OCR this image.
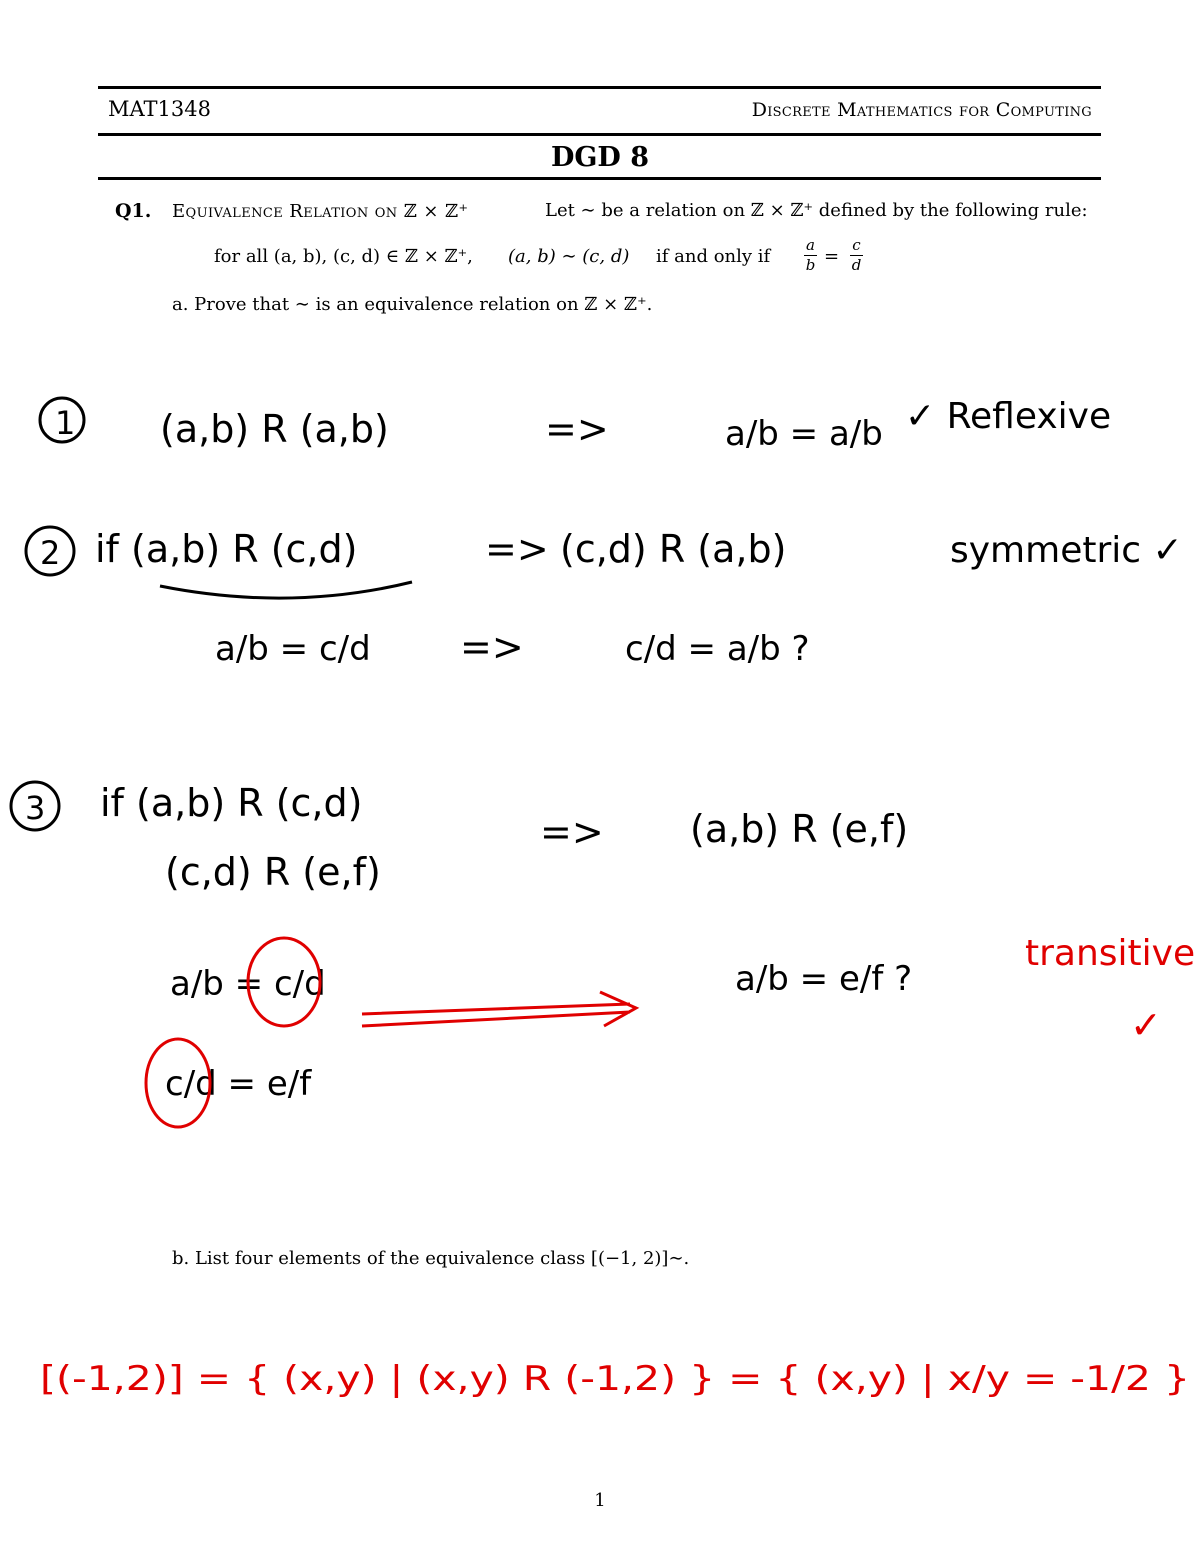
MAT1348	Discrete Mathematics for Computing
DGD 8
Q1. Equivalence Relation on ℤ × ℤ⁺	Let ∼ be a relation on ℤ × ℤ⁺ defined by the following rule:
for all (a, b), (c, d) ∈ ℤ × ℤ⁺, (a, b) ∼ (c, d) if and only if
a
b =
c
d
a. Prove that ∼ is an equivalence relation on ℤ × ℤ⁺.
b. List four elements of the equivalence class [(−1, 2)]∼.
1 (a,b) R (a,b)	=>	a/b = a/b ✓ Reflexive
2 if (a,b) R (c,d)	=> (c,d) R (a,b)	symmetric ✓
a/b = c/d =>	c/d = a/b ?
3 if (a,b) R (c,d)
(c,d) R (e,f)
=> (a,b) R (e,f)
a/b = c/d
c/d = e/f
a/b = e/f ?
transitive
✓
[(-1,2)] = { (x,y) | (x,y) R (-1,2) } = { (x,y) | x/y = -1/2 }
1
